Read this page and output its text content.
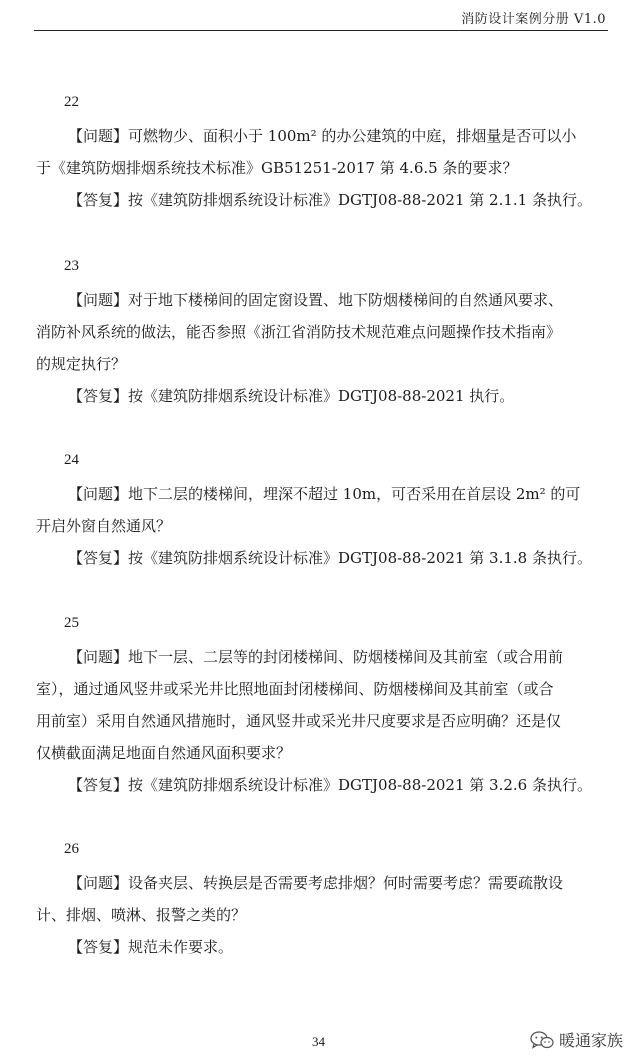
消防设计案例分册 V1.0
22
【问题】可燃物少、面积小于 100m² 的办公建筑的中庭，排烟量是否可以小
于《建筑防烟排烟系统技术标准》GB51251-2017 第 4.6.5 条的要求？
【答复】按《建筑防排烟系统设计标准》DGTJ08-88-2021 第 2.1.1 条执行。
23
【问题】对于地下楼梯间的固定窗设置、地下防烟楼梯间的自然通风要求、
消防补风系统的做法，能否参照《浙江省消防技术规范难点问题操作技术指南》
的规定执行？
【答复】按《建筑防排烟系统设计标准》DGTJ08-88-2021 执行。
24
【问题】地下二层的楼梯间，埋深不超过 10m，可否采用在首层设 2m² 的可
开启外窗自然通风？
【答复】按《建筑防排烟系统设计标准》DGTJ08-88-2021 第 3.1.8 条执行。
25
【问题】地下一层、二层等的封闭楼梯间、防烟楼梯间及其前室（或合用前
室），通过通风竖井或采光井比照地面封闭楼梯间、防烟楼梯间及其前室（或合
用前室）采用自然通风措施时，通风竖井或采光井尺度要求是否应明确？还是仅
仅横截面满足地面自然通风面积要求？
【答复】按《建筑防排烟系统设计标准》DGTJ08-88-2021 第 3.2.6 条执行。
26
【问题】设备夹层、转换层是否需要考虑排烟？何时需要考虑？需要疏散设
计、排烟、喷淋、报警之类的？
【答复】规范未作要求。
34	暖通家族
